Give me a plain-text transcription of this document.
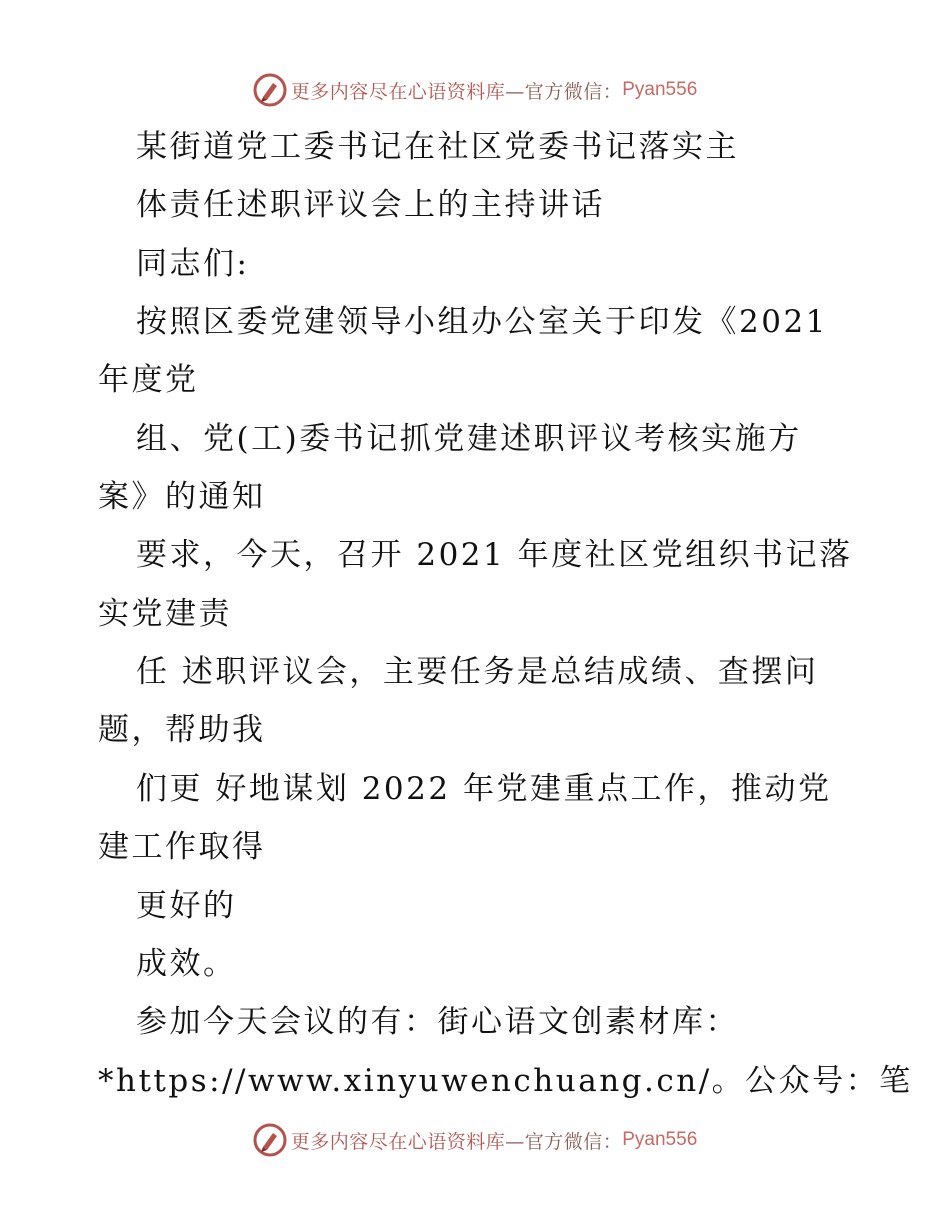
更多内容尽在心语资料库 —官方微信： Pyan556
某街道党工委书记在社区党委书记落实主
体责任述职评议会上的主持讲话
同志们:
按照区委党建领导小组办公室关于印发《2021
年度党
组、党(工)委书记抓党建述职评议考核实施方
案》的通知
要求，今天，召开 2021 年度社区党组织书记落
实党建责
任 述职评议会，主要任务是总结成绩、查摆问
题，帮助我
们更 好地谋划 2022 年党建重点工作，推动党
建工作取得
更好的
成效。
参加今天会议的有：街心语文创素材库：
*https://www.xinyuwenchuang.cn/。公众号：笔
更多内容尽在心语资料库 —官方微信： Pyan556
